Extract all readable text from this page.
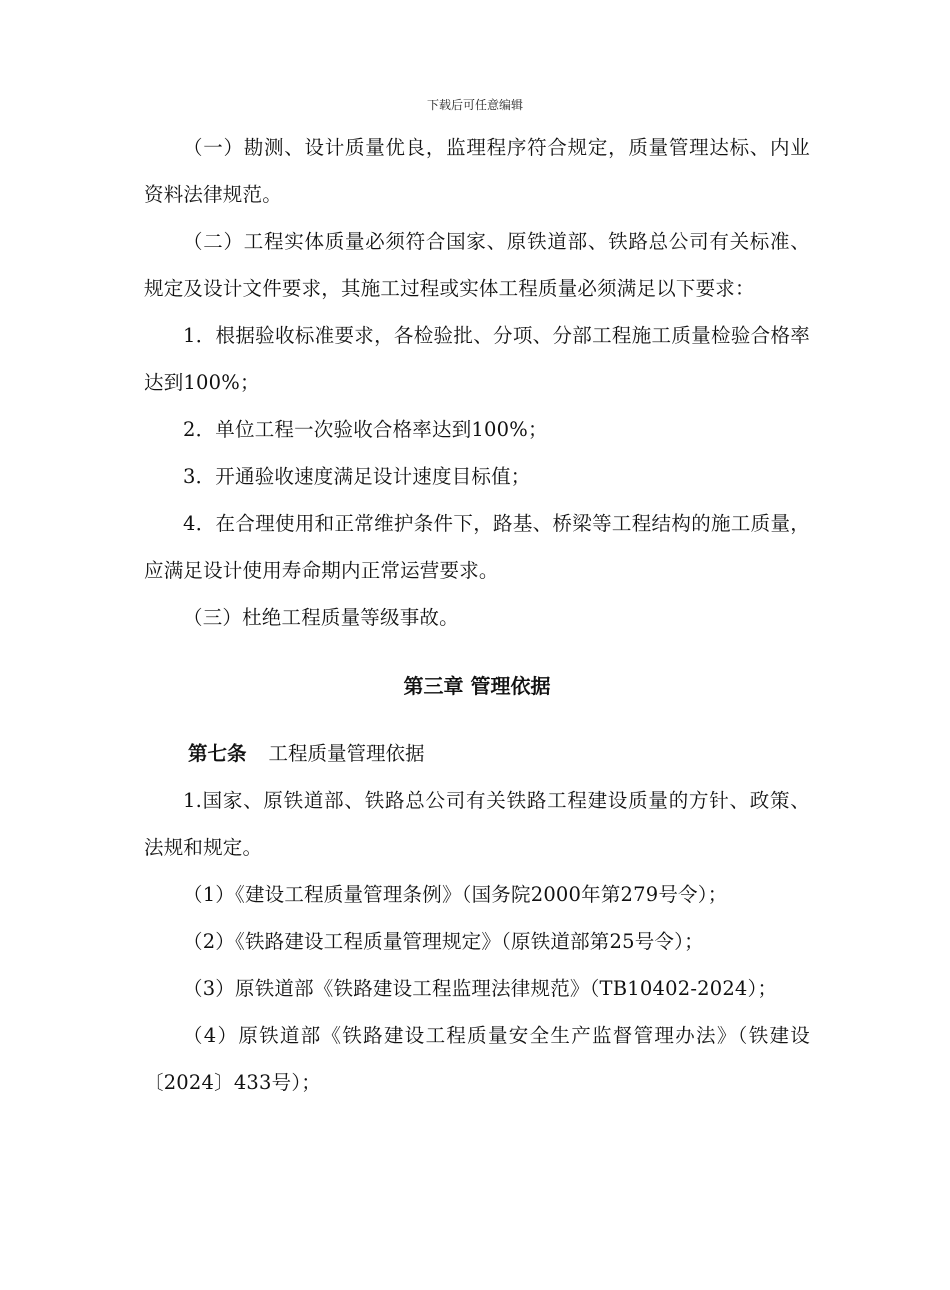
下载后可任意编辑

（一）勘测、设计质量优良，监理程序符合规定，质量管理达标、内业资料法律规范。

（二）工程实体质量必须符合国家、原铁道部、铁路总公司有关标准、规定及设计文件要求，其施工过程或实体工程质量必须满足以下要求：

1．根据验收标准要求，各检验批、分项、分部工程施工质量检验合格率达到100%；

2．单位工程一次验收合格率达到100%；

3．开通验收速度满足设计速度目标值；

4．在合理使用和正常维护条件下，路基、桥梁等工程结构的施工质量，应满足设计使用寿命期内正常运营要求。

（三）杜绝工程质量等级事故。

第三章 管理依据

第七条 工程质量管理依据

1.国家、原铁道部、铁路总公司有关铁路工程建设质量的方针、政策、法规和规定。

（1）《建设工程质量管理条例》（国务院2000年第279号令）；

（2）《铁路建设工程质量管理规定》（原铁道部第25号令）；

（3）原铁道部《铁路建设工程监理法律规范》（TB10402-2024）；

（4）原铁道部《铁路建设工程质量安全生产监督管理办法》（铁建设〔2024〕433号）；
